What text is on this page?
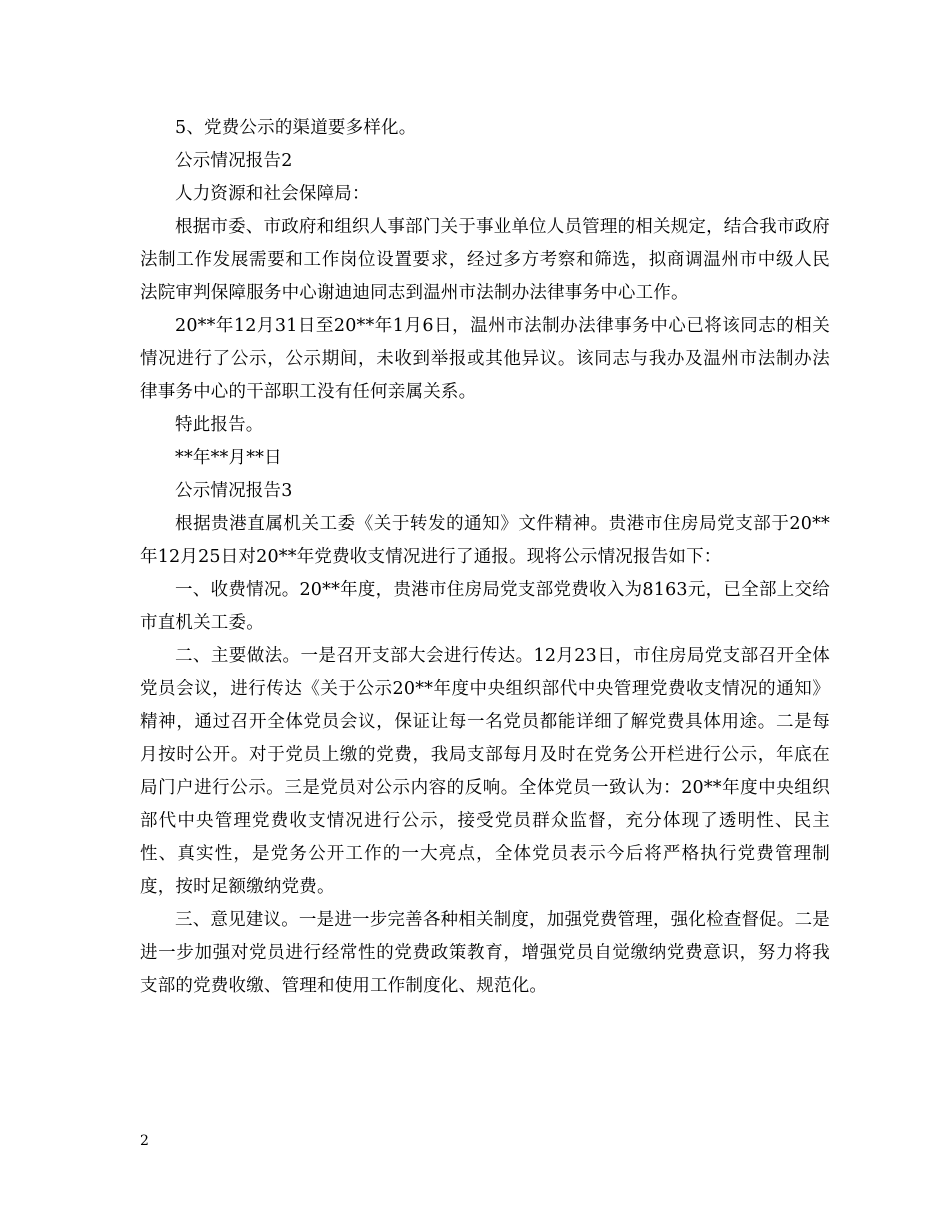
5、党费公示的渠道要多样化。

公示情况报告2

人力资源和社会保障局：

根据市委、市政府和组织人事部门关于事业单位人员管理的相关规定，结合我市政府法制工作发展需要和工作岗位设置要求，经过多方考察和筛选，拟商调温州市中级人民法院审判保障服务中心谢迪迪同志到温州市法制办法律事务中心工作。

20**年12月31日至20**年1月6日，温州市法制办法律事务中心已将该同志的相关情况进行了公示，公示期间，未收到举报或其他异议。该同志与我办及温州市法制办法律事务中心的干部职工没有任何亲属关系。

特此报告。

**年**月**日

公示情况报告3

根据贵港直属机关工委《关于转发的通知》文件精神。贵港市住房局党支部于20**年12月25日对20**年党费收支情况进行了通报。现将公示情况报告如下：

一、收费情况。20**年度，贵港市住房局党支部党费收入为8163元，已全部上交给市直机关工委。

二、主要做法。一是召开支部大会进行传达。12月23日，市住房局党支部召开全体党员会议，进行传达《关于公示20**年度中央组织部代中央管理党费收支情况的通知》精神，通过召开全体党员会议，保证让每一名党员都能详细了解党费具体用途。二是每月按时公开。对于党员上缴的党费，我局支部每月及时在党务公开栏进行公示，年底在局门户进行公示。三是党员对公示内容的反响。全体党员一致认为：20**年度中央组织部代中央管理党费收支情况进行公示，接受党员群众监督，充分体现了透明性、民主性、真实性，是党务公开工作的一大亮点，全体党员表示今后将严格执行党费管理制度，按时足额缴纳党费。

三、意见建议。一是进一步完善各种相关制度，加强党费管理，强化检查督促。二是进一步加强对党员进行经常性的党费政策教育，增强党员自觉缴纳党费意识，努力将我支部的党费收缴、管理和使用工作制度化、规范化。

2
